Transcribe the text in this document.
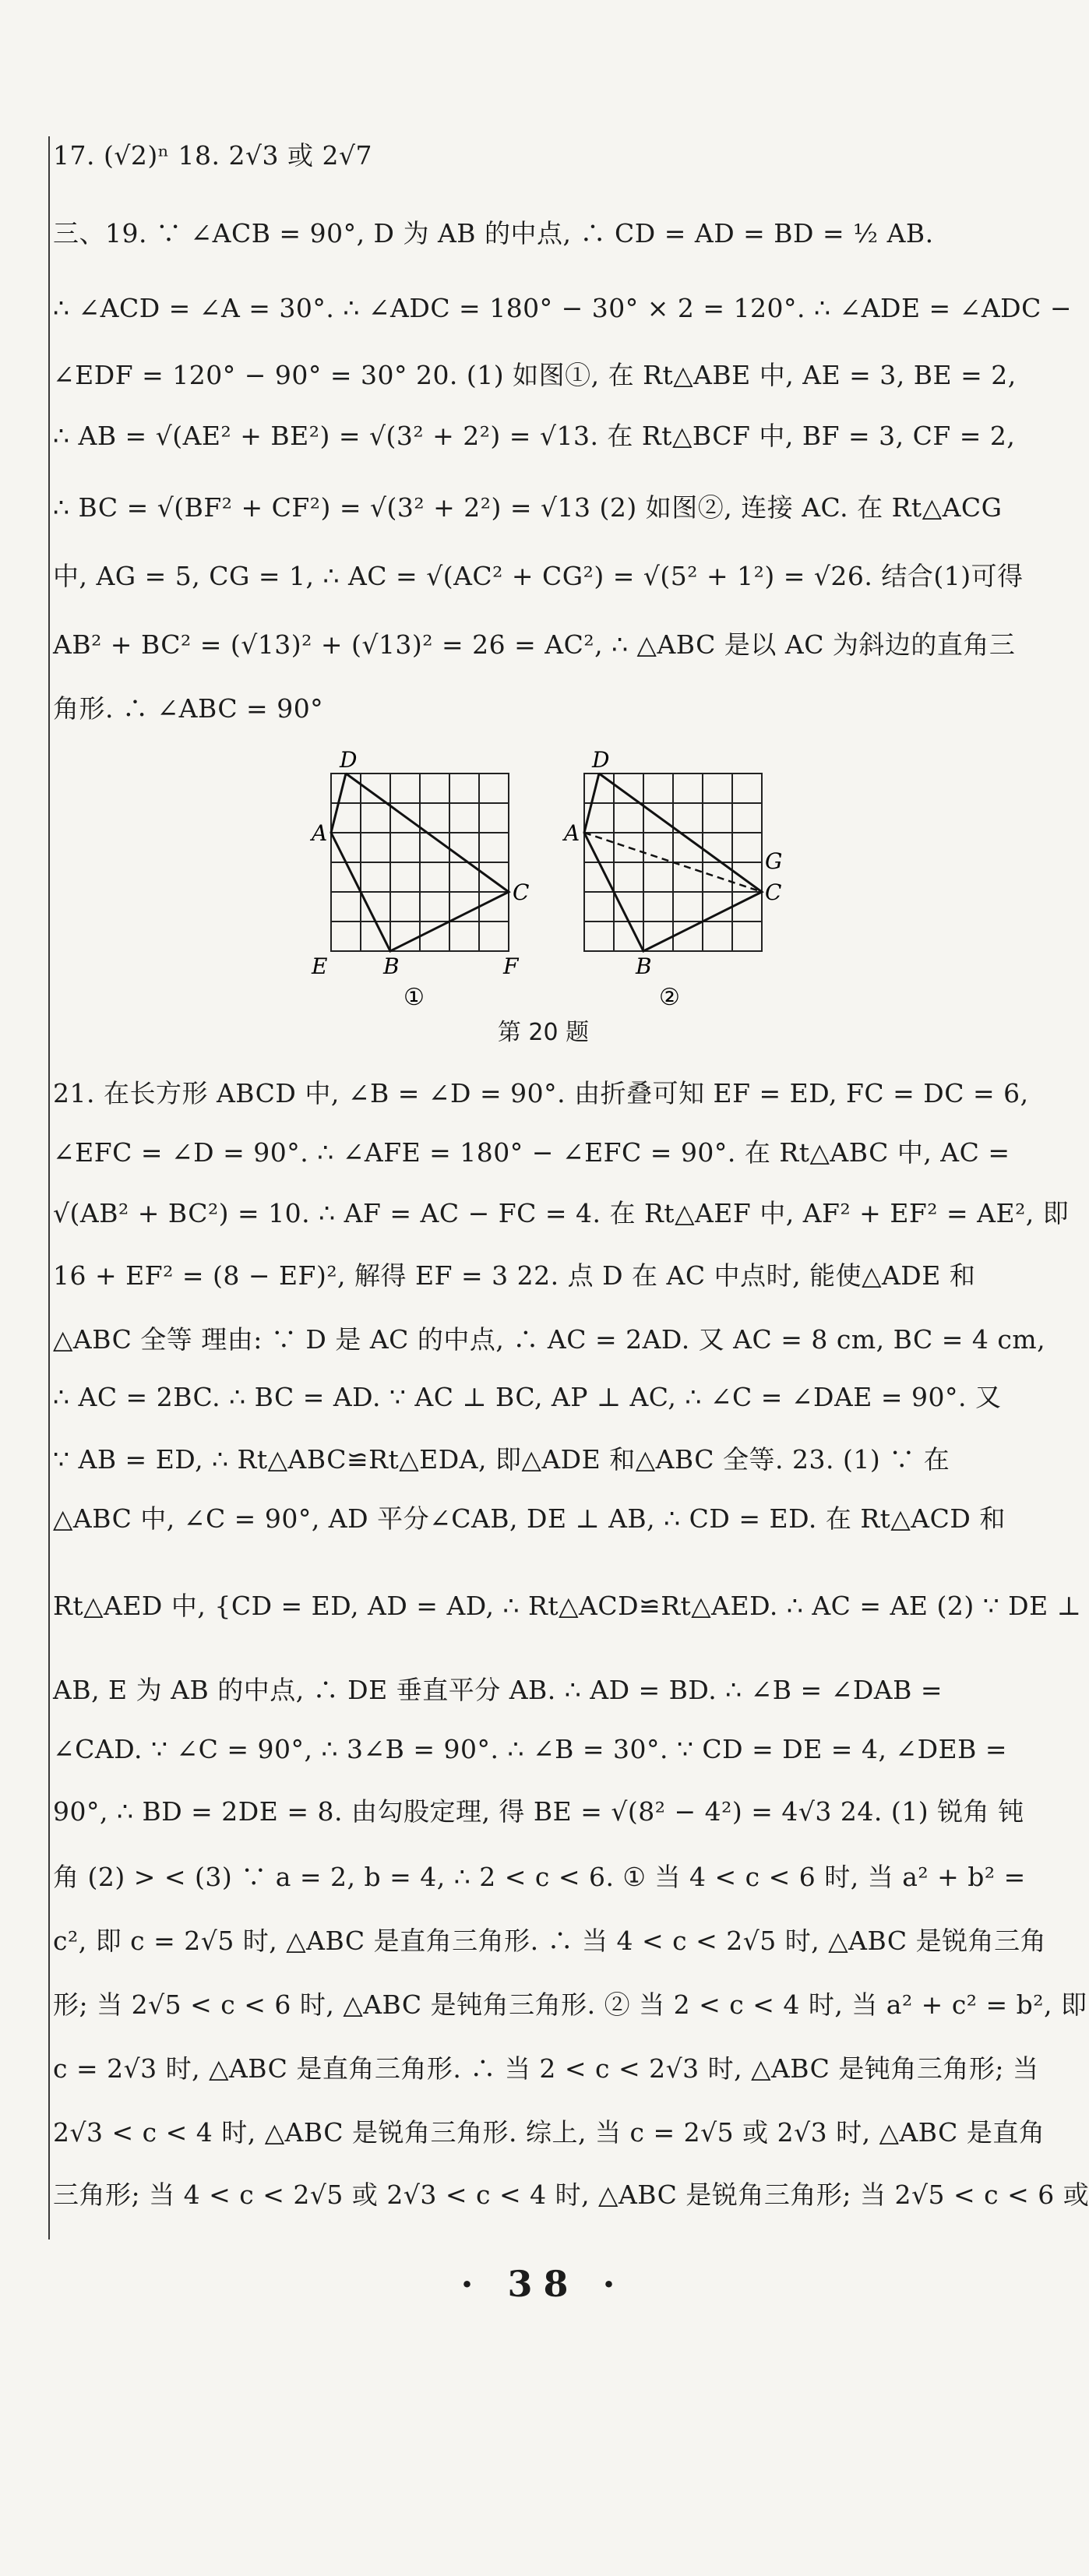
17. (√2)ⁿ 18. 2√3 或 2√7
三、19. ∵ ∠ACB = 90°, D 为 AB 的中点, ∴ CD = AD = BD = ½ AB.
∴ ∠ACD = ∠A = 30°. ∴ ∠ADC = 180° − 30° × 2 = 120°. ∴ ∠ADE = ∠ADC −
∠EDF = 120° − 90° = 30° 20. (1) 如图①, 在 Rt△ABE 中, AE = 3, BE = 2,
∴ AB = √(AE² + BE²) = √(3² + 2²) = √13. 在 Rt△BCF 中, BF = 3, CF = 2,
∴ BC = √(BF² + CF²) = √(3² + 2²) = √13 (2) 如图②, 连接 AC. 在 Rt△ACG
中, AG = 5, CG = 1, ∴ AC = √(AC² + CG²) = √(5² + 1²) = √26. 结合(1)可得
AB² + BC² = (√13)² + (√13)² = 26 = AC², ∴ △ABC 是以 AC 为斜边的直角三
角形. ∴ ∠ABC = 90°
D
A
C
E	B	F
①
D
A
G
C
B
②
第 20 题
21. 在长方形 ABCD 中, ∠B = ∠D = 90°. 由折叠可知 EF = ED, FC = DC = 6,
∠EFC = ∠D = 90°. ∴ ∠AFE = 180° − ∠EFC = 90°. 在 Rt△ABC 中, AC =
√(AB² + BC²) = 10. ∴ AF = AC − FC = 4. 在 Rt△AEF 中, AF² + EF² = AE², 即
16 + EF² = (8 − EF)², 解得 EF = 3 22. 点 D 在 AC 中点时, 能使△ADE 和
△ABC 全等 理由: ∵ D 是 AC 的中点, ∴ AC = 2AD. 又 AC = 8 cm, BC = 4 cm,
∴ AC = 2BC. ∴ BC = AD. ∵ AC ⊥ BC, AP ⊥ AC, ∴ ∠C = ∠DAE = 90°. 又
∵ AB = ED, ∴ Rt△ABC≌Rt△EDA, 即△ADE 和△ABC 全等. 23. (1) ∵ 在
△ABC 中, ∠C = 90°, AD 平分∠CAB, DE ⊥ AB, ∴ CD = ED. 在 Rt△ACD 和
Rt△AED 中, {CD = ED, AD = AD, ∴ Rt△ACD≌Rt△AED. ∴ AC = AE (2) ∵ DE ⊥
AB, E 为 AB 的中点, ∴ DE 垂直平分 AB. ∴ AD = BD. ∴ ∠B = ∠DAB =
∠CAD. ∵ ∠C = 90°, ∴ 3∠B = 90°. ∴ ∠B = 30°. ∵ CD = DE = 4, ∠DEB =
90°, ∴ BD = 2DE = 8. 由勾股定理, 得 BE = √(8² − 4²) = 4√3 24. (1) 锐角 钝
角 (2) > < (3) ∵ a = 2, b = 4, ∴ 2 < c < 6. ① 当 4 < c < 6 时, 当 a² + b² =
c², 即 c = 2√5 时, △ABC 是直角三角形. ∴ 当 4 < c < 2√5 时, △ABC 是锐角三角
形; 当 2√5 < c < 6 时, △ABC 是钝角三角形. ② 当 2 < c < 4 时, 当 a² + c² = b², 即
c = 2√3 时, △ABC 是直角三角形. ∴ 当 2 < c < 2√3 时, △ABC 是钝角三角形; 当
2√3 < c < 4 时, △ABC 是锐角三角形. 综上, 当 c = 2√5 或 2√3 时, △ABC 是直角
三角形; 当 4 < c < 2√5 或 2√3 < c < 4 时, △ABC 是锐角三角形; 当 2√5 < c < 6 或
· 38 ·
